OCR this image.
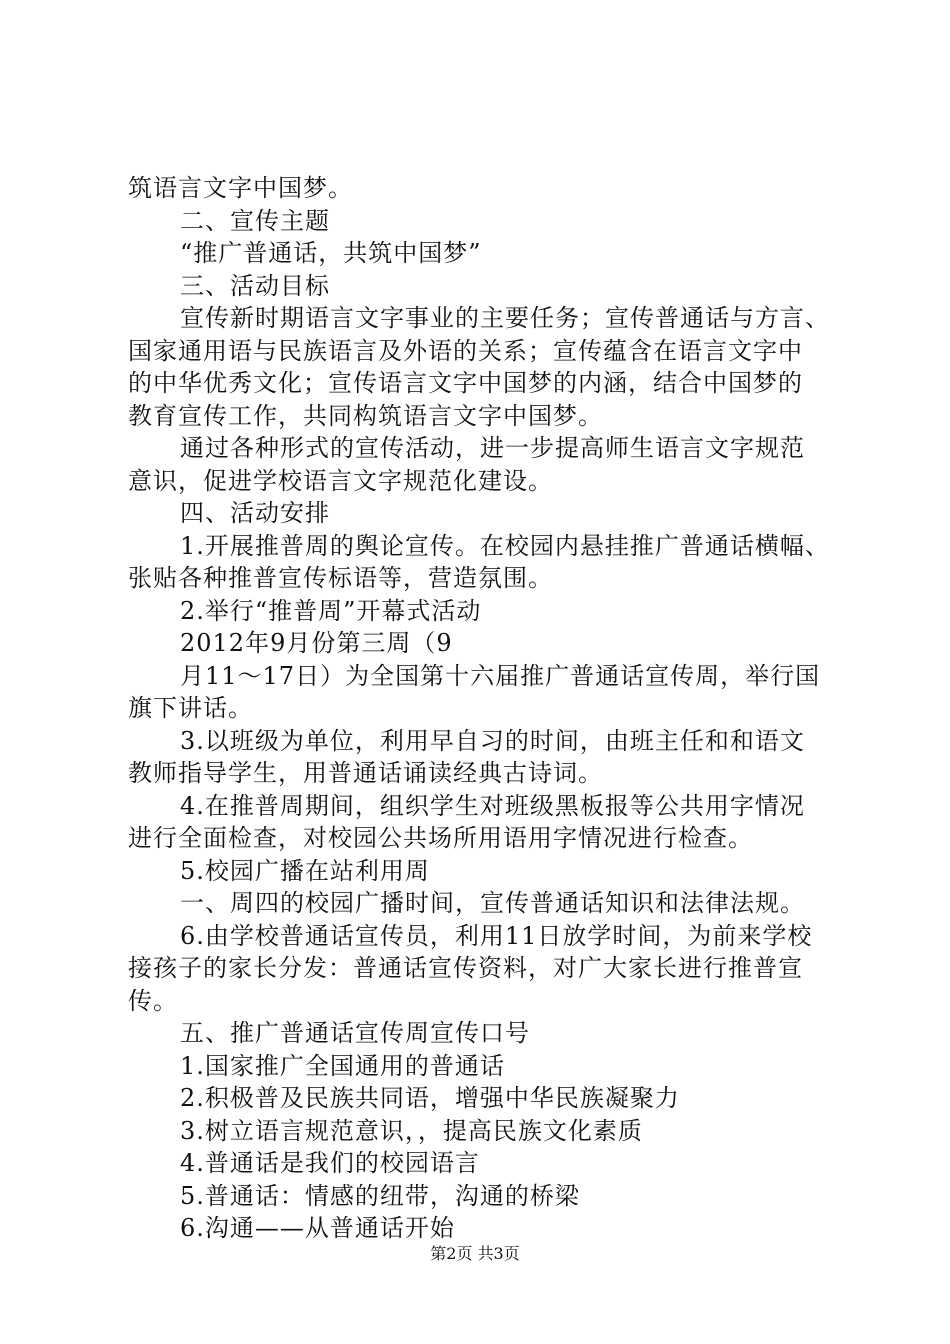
筑语言文字中国梦。
二、宣传主题
“推广普通话，共筑中国梦”
三、活动目标
宣传新时期语言文字事业的主要任务；宣传普通话与方言、
国家通用语与民族语言及外语的关系；宣传蕴含在语言文字中
的中华优秀文化；宣传语言文字中国梦的内涵，结合中国梦的
教育宣传工作，共同构筑语言文字中国梦。
通过各种形式的宣传活动，进一步提高师生语言文字规范
意识，促进学校语言文字规范化建设。
四、活动安排
1.开展推普周的舆论宣传。在校园内悬挂推广普通话横幅、
张贴各种推普宣传标语等，营造氛围。
2.举行“推普周”开幕式活动
2012年9月份第三周（9
月11～17日）为全国第十六届推广普通话宣传周，举行国
旗下讲话。
3.以班级为单位，利用早自习的时间，由班主任和和语文
教师指导学生，用普通话诵读经典古诗词。
4.在推普周期间，组织学生对班级黑板报等公共用字情况
进行全面检查，对校园公共场所用语用字情况进行检查。
5.校园广播在站利用周
一、周四的校园广播时间，宣传普通话知识和法律法规。
6.由学校普通话宣传员，利用11日放学时间，为前来学校
接孩子的家长分发：普通话宣传资料，对广大家长进行推普宣
传。
五、推广普通话宣传周宣传口号
1.国家推广全国通用的普通话
2.积极普及民族共同语，增强中华民族凝聚力
3.树立语言规范意识，，提高民族文化素质
4.普通话是我们的校园语言
5.普通话：情感的纽带，沟通的桥梁
6.沟通——从普通话开始
第2页 共3页
